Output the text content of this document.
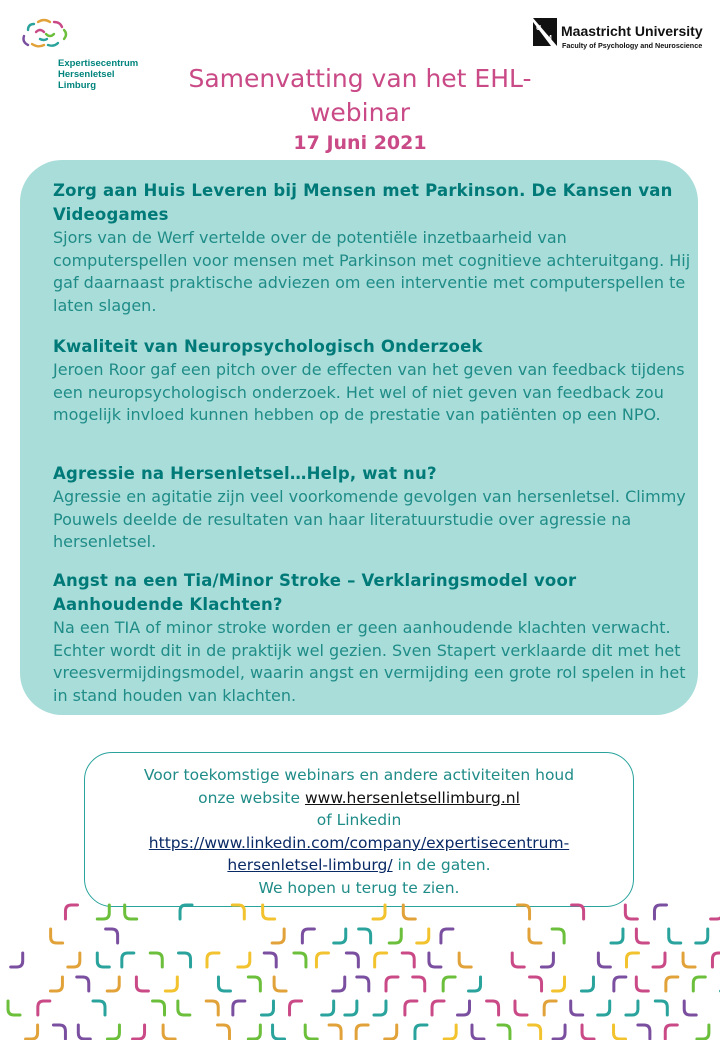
Expertisecentrum
Hersenletsel
Limburg
U
M Maastricht University
Faculty of Psychology and Neuroscience
Samenvatting van het EHL-
webinar
17 Juni 2021
Zorg aan Huis Leveren bij Mensen met Parkinson. De Kansen van Videogames
Sjors van de Werf vertelde over de potentiële inzetbaarheid van computerspellen voor mensen met Parkinson met cognitieve achteruitgang. Hij gaf daarnaast praktische adviezen om een interventie met computerspellen te laten slagen.
Kwaliteit van Neuropsychologisch Onderzoek
Jeroen Roor gaf een pitch over de effecten van het geven van feedback tijdens een neuropsychologisch onderzoek. Het wel of niet geven van feedback zou mogelijk invloed kunnen hebben op de prestatie van patiënten op een NPO.
Agressie na Hersenletsel…Help, wat nu?
Agressie en agitatie zijn veel voorkomende gevolgen van hersenletsel. Climmy Pouwels deelde de resultaten van haar literatuurstudie over agressie na hersenletsel.
Angst na een Tia/Minor Stroke – Verklaringsmodel voor Aanhoudende Klachten?
Na een TIA of minor stroke worden er geen aanhoudende klachten verwacht. Echter wordt dit in de praktijk wel gezien. Sven Stapert verklaarde dit met het vreesvermijdingsmodel, waarin angst en vermijding een grote rol spelen in het in stand houden van klachten.
Voor toekomstige webinars en andere activiteiten houd
onze website www.hersenletsellimburg.nl
of Linkedin
https://www.linkedin.com/company/expertisecentrum-
hersenletsel-limburg/ in de gaten.
We hopen u terug te zien.
